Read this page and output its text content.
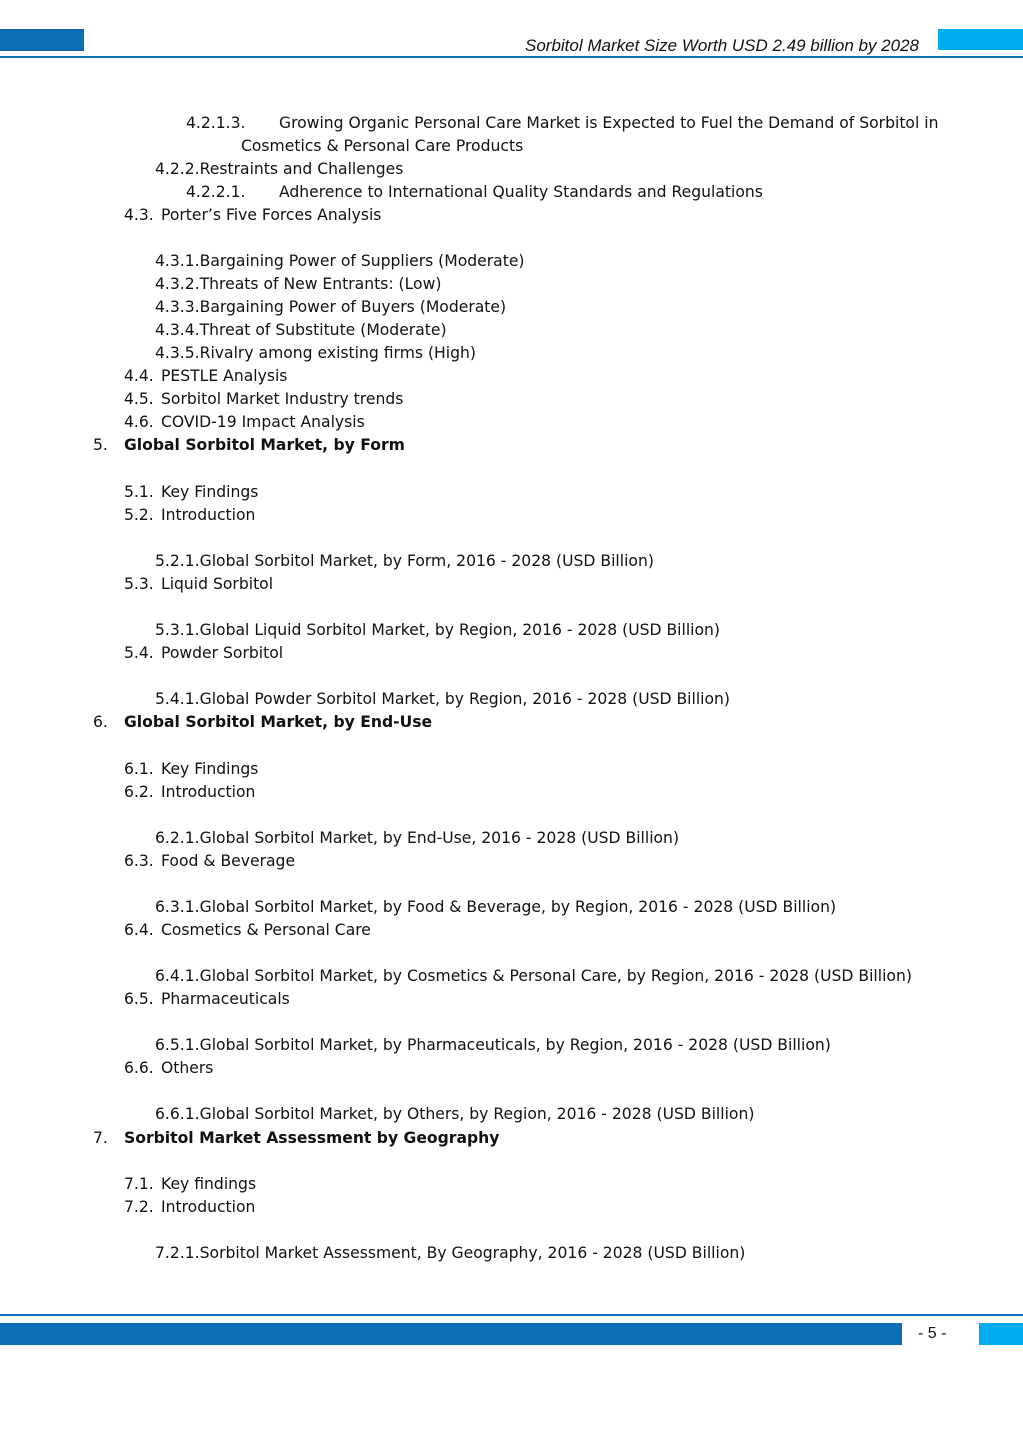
Sorbitol Market Size Worth USD 2.49 billion by 2028
4.2.1.3. Growing Organic Personal Care Market is Expected to Fuel the Demand of Sorbitol in
Cosmetics & Personal Care Products
4.2.2.Restraints and Challenges
4.2.2.1. Adherence to International Quality Standards and Regulations
4.3. Porter’s Five Forces Analysis
4.3.1.Bargaining Power of Suppliers (Moderate)
4.3.2.Threats of New Entrants: (Low)
4.3.3.Bargaining Power of Buyers (Moderate)
4.3.4.Threat of Substitute (Moderate)
4.3.5.Rivalry among existing firms (High)
4.4. PESTLE Analysis
4.5. Sorbitol Market Industry trends
4.6. COVID-19 Impact Analysis
5. Global Sorbitol Market, by Form
5.1. Key Findings
5.2. Introduction
5.2.1.Global Sorbitol Market, by Form, 2016 - 2028 (USD Billion)
5.3. Liquid Sorbitol
5.3.1.Global Liquid Sorbitol Market, by Region, 2016 - 2028 (USD Billion)
5.4. Powder Sorbitol
5.4.1.Global Powder Sorbitol Market, by Region, 2016 - 2028 (USD Billion)
6. Global Sorbitol Market, by End-Use
6.1. Key Findings
6.2. Introduction
6.2.1.Global Sorbitol Market, by End-Use, 2016 - 2028 (USD Billion)
6.3. Food & Beverage
6.3.1.Global Sorbitol Market, by Food & Beverage, by Region, 2016 - 2028 (USD Billion)
6.4. Cosmetics & Personal Care
6.4.1.Global Sorbitol Market, by Cosmetics & Personal Care, by Region, 2016 - 2028 (USD Billion)
6.5. Pharmaceuticals
6.5.1.Global Sorbitol Market, by Pharmaceuticals, by Region, 2016 - 2028 (USD Billion)
6.6. Others
6.6.1.Global Sorbitol Market, by Others, by Region, 2016 - 2028 (USD Billion)
7. Sorbitol Market Assessment by Geography
7.1. Key findings
7.2. Introduction
7.2.1.Sorbitol Market Assessment, By Geography, 2016 - 2028 (USD Billion)
- 5 -
